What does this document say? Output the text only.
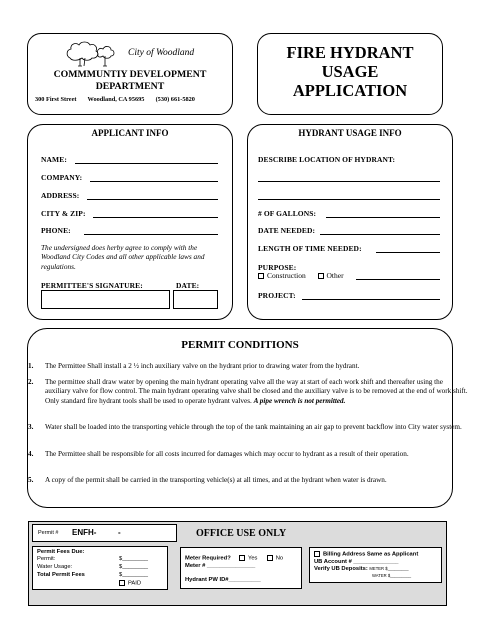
City of Woodland
COMMMUNTIY DEVELOPMENT
DEPARTMENT
300 First Street Woodland, CA 95695 (530) 661-5820
FIRE HYDRANT
USAGE
APPLICATION
APPLICANT INFO
NAME:
COMPANY:
ADDRESS:
CITY & ZIP:
PHONE:
The undersigned does herby agree to comply with the Woodland City Codes and all other applicable laws and regulations.
PERMITTEE'S SIGNATURE:	DATE:
HYDRANT USAGE INFO
DESCRIBE LOCATION OF HYDRANT:
# OF GALLONS:
DATE NEEDED:
LENGTH OF TIME NEEDED:
PURPOSE:
Construction	Other
PROJECT:
PERMIT CONDITIONS
1. The Permittee Shall install a 2 ½ inch auxiliary valve on the hydrant prior to drawing water from the hydrant.
2. The permittee shall draw water by opening the main hydrant operating valve all the way at start of each work shift and thereafter using the auxiliary valve for flow control. The main hydrant operating valve shall be closed and the auxiliary valve is to be removed at the end of work shift. Only standard fire hydrant tools shall be used to operate hydrant valves. A pipe wrench is not permitted.
3. Water shall be loaded into the transporting vehicle through the top of the tank maintaining an air gap to prevent backflow into City water system.
4. The Permittee shall be responsible for all costs incurred for damages which may occur to hydrant as a result of their operation.
5. A copy of the permit shall be carried in the transporting vehicle(s) at all times, and at the hydrant when water is drawn.
OFFICE USE ONLY
Permit # ENFH-	-
Permit Fees Due:
Permit:	$________
Water Usage:	$________
Total Permit Fees	$________
PAID
Meter Required?	Yes	No
Meter # _______________
Hydrant PW ID#__________
Billing Address Same as Applicant
UB Account # ______________
Verify UB Deposits: METER $_________
WATER $_________
